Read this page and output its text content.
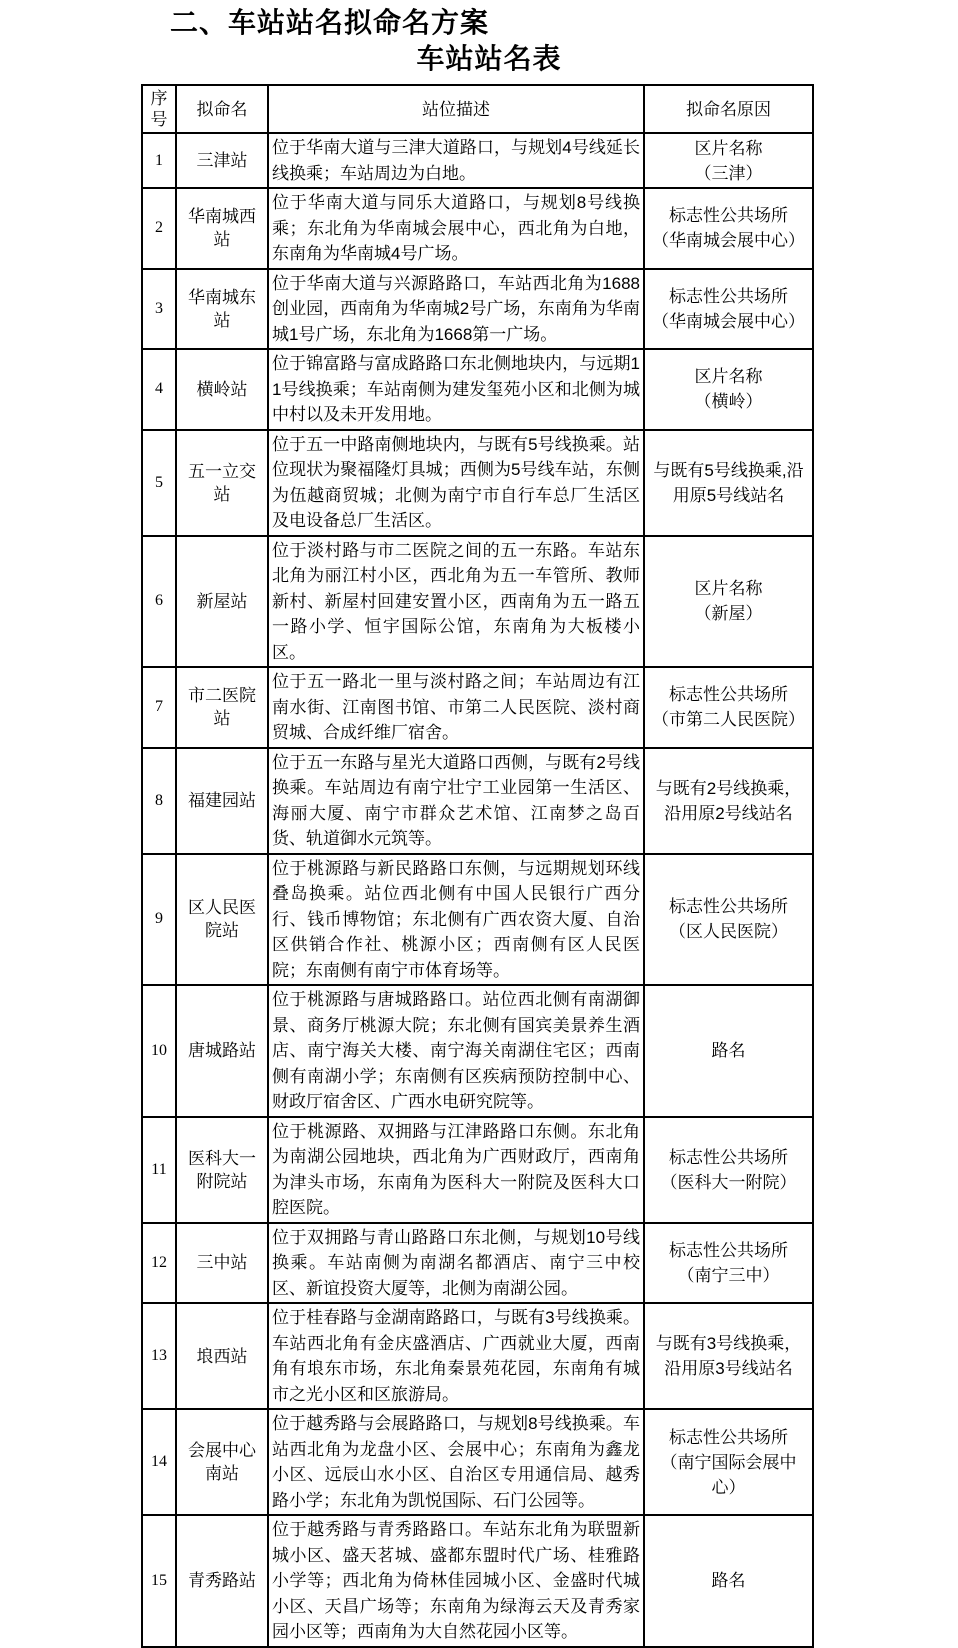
二、车站站名拟命名方案
车站站名表
序号	拟命名	站位描述	拟命名原因
1	三津站	位于华南大道与三津大道路口，与规划4号线延长线换乘；车站周边为白地。	区片名称
（三津）

2	华南城西站	位于华南大道与同乐大道路口，与规划8号线换乘；东北角为华南城会展中心，西北角为白地，东南角为华南城4号广场。	标志性公共场所
（华南城会展中心）

3	华南城东站	位于华南大道与兴源路路口，车站西北角为1688创业园，西南角为华南城2号广场，东南角为华南城1号广场，东北角为1668第一广场。	标志性公共场所
（华南城会展中心）

4	横岭站	位于锦富路与富成路路口东北侧地块内，与远期11号线换乘；车站南侧为建发玺苑小区和北侧为城中村以及未开发用地。	区片名称
（横岭）

5	五一立交站	位于五一中路南侧地块内，与既有5号线换乘。站位现状为聚福隆灯具城；西侧为5号线车站，东侧为伍越商贸城；北侧为南宁市自行车总厂生活区及电设备总厂生活区。	与既有5号线换乘,沿用原5号线站名

6	新屋站	位于淡村路与市二医院之间的五一东路。车站东北角为丽江村小区，西北角为五一车管所、教师新村、新屋村回建安置小区，西南角为五一路五一路小学、恒宇国际公馆，东南角为大板楼小区。	区片名称
（新屋）

7	市二医院站	位于五一路北一里与淡村路之间；车站周边有江南水街、江南图书馆、市第二人民医院、淡村商贸城、合成纤维厂宿舍。	标志性公共场所
（市第二人民医院）

8	福建园站	位于五一东路与星光大道路口西侧，与既有2号线换乘。车站周边有南宁壮宁工业园第一生活区、海丽大厦、南宁市群众艺术馆、江南梦之岛百货、轨道御水元筑等。	与既有2号线换乘，沿用原2号线站名

9	区人民医院站	位于桃源路与新民路路口东侧，与远期规划环线叠岛换乘。站位西北侧有中国人民银行广西分行、钱币博物馆；东北侧有广西农资大厦、自治区供销合作社、桃源小区；西南侧有区人民医院；东南侧有南宁市体育场等。	标志性公共场所
（区人民医院）

10	唐城路站	位于桃源路与唐城路路口。站位西北侧有南湖御景、商务厅桃源大院；东北侧有国宾美景养生酒店、南宁海关大楼、南宁海关南湖住宅区；西南侧有南湖小学；东南侧有区疾病预防控制中心、财政厅宿舍区、广西水电研究院等。	路名

11	医科大一附院站	位于桃源路、双拥路与江津路路口东侧。东北角为南湖公园地块，西北角为广西财政厅，西南角为津头市场，东南角为医科大一附院及医科大口腔医院。	标志性公共场所
（医科大一附院）

12	三中站	位于双拥路与青山路路口东北侧，与规划10号线换乘。车站南侧为南湖名都酒店、南宁三中校区、新谊投资大厦等，北侧为南湖公园。	标志性公共场所
（南宁三中）

13	埌西站	位于桂春路与金湖南路路口，与既有3号线换乘。车站西北角有金庆盛酒店、广西就业大厦，西南角有埌东市场，东北角秦景苑花园，东南角有城市之光小区和区旅游局。	与既有3号线换乘，沿用原3号线站名

14	会展中心南站	位于越秀路与会展路路口，与规划8号线换乘。车站西北角为龙盘小区、会展中心；东南角为鑫龙小区、远辰山水小区、自治区专用通信局、越秀路小学；东北角为凯悦国际、石门公园等。	标志性公共场所
（南宁国际会展中心）

15	青秀路站	位于越秀路与青秀路路口。车站东北角为联盟新城小区、盛天茗城、盛都东盟时代广场、桂雅路小学等；西北角为倚林佳园城小区、金盛时代城小区、天昌广场等；东南角为绿海云天及青秀家园小区等；西南角为大自然花园小区等。	路名
